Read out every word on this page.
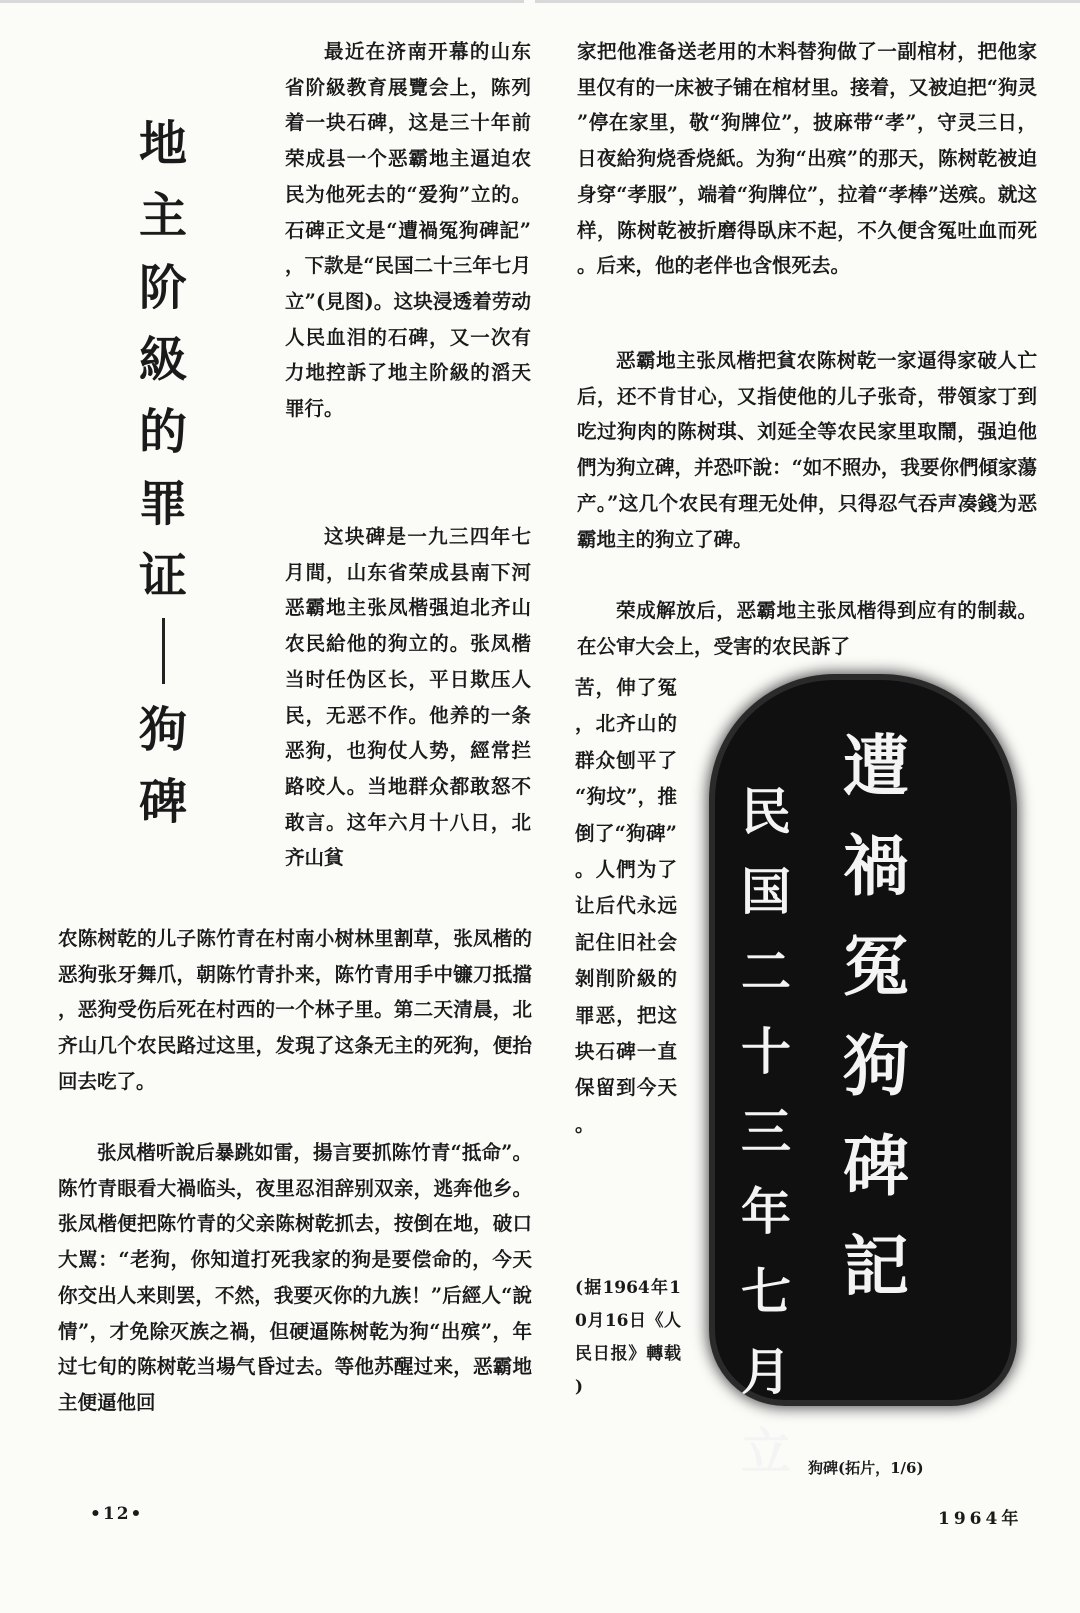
地
主
阶
級
的
罪
证
狗
碑

最近在济南开幕的山东省阶級教育展覽会上，陈列着一块石碑，这是三十年前荣成县一个恶霸地主逼迫农民为他死去的“爱狗”立的。石碑正文是“遭禍冤狗碑記”，下款是“民国二十三年七月立”(見图)。这块浸透着劳动人民血泪的石碑，又一次有力地控訴了地主阶級的滔天罪行。

这块碑是一九三四年七月間，山东省荣成县南下河恶霸地主张凤楷强迫北齐山农民給他的狗立的。张凤楷当时任伪区长，平日欺压人民，无恶不作。他养的一条恶狗，也狗仗人势，經常拦路咬人。当地群众都敢怒不敢言。这年六月十八日，北齐山貧

农陈树乾的儿子陈竹青在村南小树林里割草，张凤楷的恶狗张牙舞爪，朝陈竹青扑来，陈竹青用手中镰刀抵擋，恶狗受伤后死在村西的一个林子里。第二天清晨，北齐山几个农民路过这里，发現了这条无主的死狗，便抬回去吃了。

张凤楷听說后暴跳如雷，揚言要抓陈竹青“抵命”。陈竹青眼看大禍临头，夜里忍泪辞别双亲，逃奔他乡。张凤楷便把陈竹青的父亲陈树乾抓去，按倒在地，破口大駡：“老狗，你知道打死我家的狗是要偿命的，今天你交出人来則罢，不然，我要灭你的九族！”后經人“說情”，才免除灭族之禍，但硬逼陈树乾为狗“出殡”，年过七旬的陈树乾当場气昏过去。等他苏醒过来，恶霸地主便逼他回

家把他准备送老用的木料替狗做了一副棺材，把他家里仅有的一床被子铺在棺材里。接着，又被迫把“狗灵”停在家里，敬“狗牌位”，披麻带“孝”，守灵三日，日夜給狗烧香烧紙。为狗“出殡”的那天，陈树乾被迫身穿“孝服”，端着“狗牌位”，拉着“孝棒”送殡。就这样，陈树乾被折磨得臥床不起，不久便含冤吐血而死。后来，他的老伴也含恨死去。

恶霸地主张凤楷把貧农陈树乾一家逼得家破人亡后，还不肯甘心，又指使他的儿子张奇，带領家丁到吃过狗肉的陈树琪、刘延全等农民家里取鬧，强迫他們为狗立碑，并恐吓說：“如不照办，我要你們傾家蕩产。”这几个农民有理无处伸，只得忍气吞声凑錢为恶霸地主的狗立了碑。

荣成解放后，恶霸地主张凤楷得到应有的制裁。在公审大会上，受害的农民訴了

苦，伸了冤，北齐山的群众刨平了“狗坟”，推倒了“狗碑”。人們为了让后代永远記住旧社会剝削阶級的罪恶，把这块石碑一直保留到今天。

(据1964年10月16日《人民日报》轉载)

遭
禍
冤
狗
碑
記
民
国
二
十
三
年
七
月
立 狗碑(拓片，1/6)
•12•	1964年
